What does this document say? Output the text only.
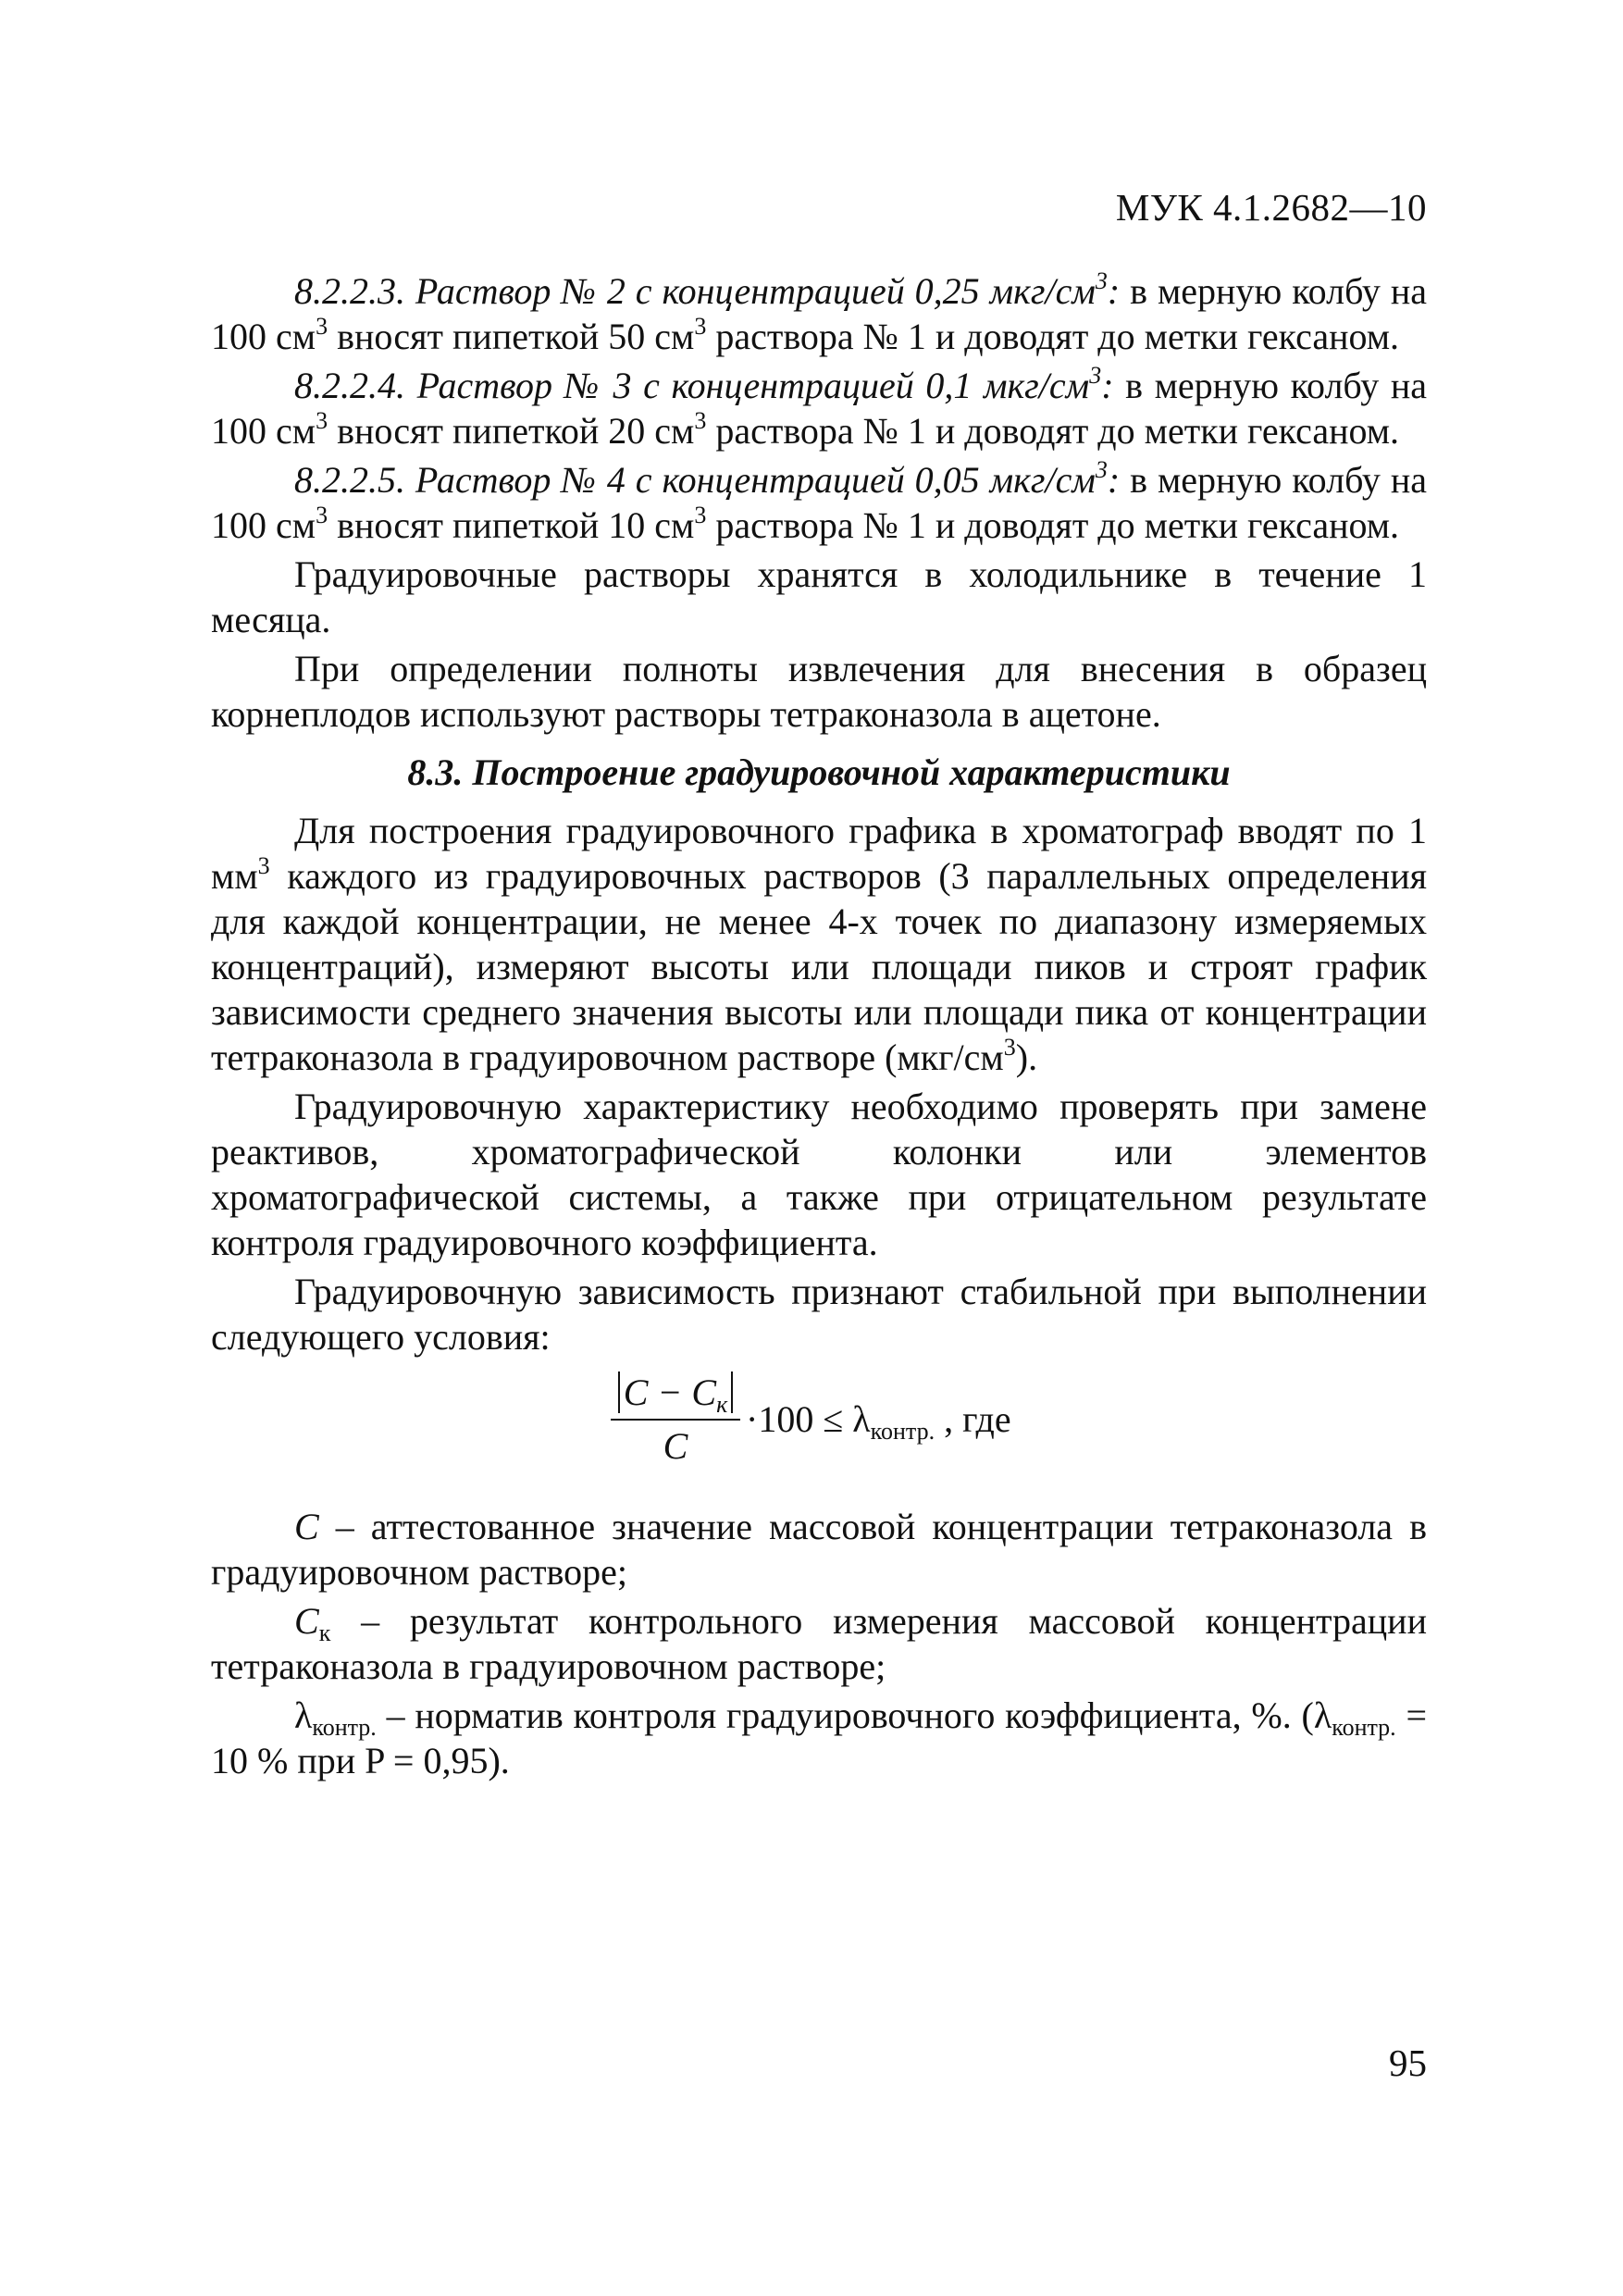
МУК 4.1.2682—10

8.2.2.3. Раствор № 2 с концентрацией 0,25 мкг/$см^3$: в мерную колбу на 100 $см^3$ вносят пипеткой 50 $см^3$ раствора № 1 и доводят до метки гексаном.

8.2.2.4. Раствор № 3 с концентрацией 0,1 мкг/$см^3$: в мерную колбу на 100 $см^3$ вносят пипеткой 20 $см^3$ раствора № 1 и доводят до метки гексаном.

8.2.2.5. Раствор № 4 с концентрацией 0,05 мкг/$см^3$: в мерную колбу на 100 $см^3$ вносят пипеткой 10 $см^3$ раствора № 1 и доводят до метки гексаном.

Градуировочные растворы хранятся в холодильнике в течение 1 месяца.

При определении полноты извлечения для внесения в образец корнеплодов используют растворы тетраконазола в ацетоне.

8.3. Построение градуировочной характеристики

Для построения градуировочного графика в хроматограф вводят по 1 $мм^3$ каждого из градуировочных растворов (3 параллельных определения для каждой концентрации, не менее 4-х точек по диапазону измеряемых концентраций), измеряют высоты или площади пиков и строят график зависимости среднего значения высоты или площади пика от концентрации тетраконазола в градуировочном растворе $(мкг/см^3)$.

Градуировочную характеристику необходимо проверять при замене реактивов, хроматографической колонки или элементов хроматографической системы, а также при отрицательном результате контроля градуировочного коэффициента.

Градуировочную зависимость признают стабильной при выполнении следующего условия:

$C - C_к$
C
$\cdot 100 \le \lambda_{контр.}$ , где

C – аттестованное значение массовой концентрации тетраконазола в градуировочном растворе;

$C_к$ – результат контрольного измерения массовой концентрации тетраконазола в градуировочном растворе;

$\lambda_{контр.}$ – норматив контроля градуировочного коэффициента, %. ($\lambda_{контр.} = 10$ % при P = 0,95).

95
